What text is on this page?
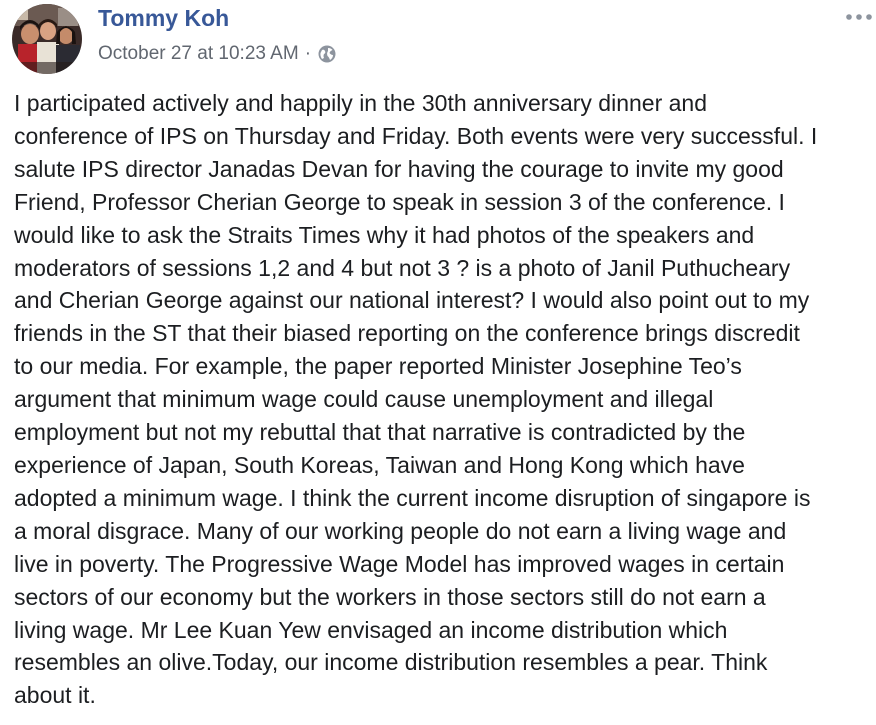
Tommy Koh
October 27 at 10:23 AM ·
I participated actively and happily in the 30th anniversary dinner and
conference of IPS on Thursday and Friday. Both events were very successful. I
salute IPS director Janadas Devan for having the courage to invite my good
Friend, Professor Cherian George to speak in session 3 of the conference. I
would like to ask the Straits Times why it had photos of the speakers and
moderators of sessions 1,2 and 4 but not 3 ? is a photo of Janil Puthucheary
and Cherian George against our national interest? I would also point out to my
friends in the ST that their biased reporting on the conference brings discredit
to our media. For example, the paper reported Minister Josephine Teo’s
argument that minimum wage could cause unemployment and illegal
employment but not my rebuttal that that narrative is contradicted by the
experience of Japan, South Koreas, Taiwan and Hong Kong which have
adopted a minimum wage. I think the current income disruption of singapore is
a moral disgrace. Many of our working people do not earn a living wage and
live in poverty. The Progressive Wage Model has improved wages in certain
sectors of our economy but the workers in those sectors still do not earn a
living wage. Mr Lee Kuan Yew envisaged an income distribution which
resembles an olive.Today, our income distribution resembles a pear. Think
about it.
